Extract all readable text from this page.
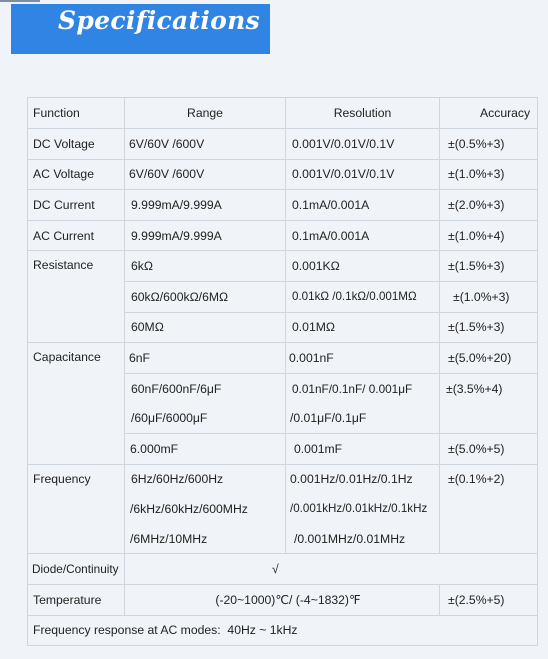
Specifications
Function	Range	Resolution	Accuracy
DC Voltage	6V/60V /600V	0.001V/0.01V/0.1V	±(0.5%+3)
AC Voltage	6V/60V /600V	0.001V/0.01V/0.1V	±(1.0%+3)
DC Current	9.999mA/9.999A	0.1mA/0.001A	±(2.0%+3)
AC Current	9.999mA/9.999A	0.1mA/0.001A	±(1.0%+4)
Resistance	6kΩ	0.001KΩ	±(1.5%+3)
	60kΩ/600kΩ/6MΩ	0.01kΩ /0.1kΩ/0.001MΩ	±(1.0%+3)
	60MΩ	0.01MΩ	±(1.5%+3)
Capacitance	6nF	0.001nF	±(5.0%+20)
	60nF/600nF/6μF	0.01nF/0.1nF/ 0.001μF	±(3.5%+4)
	/60μF/6000μF	/0.01μF/0.1μF	
	6.000mF	0.001mF	±(5.0%+5)
Frequency	6Hz/60Hz/600Hz	0.001Hz/0.01Hz/0.1Hz	±(0.1%+2)
	/6kHz/60kHz/600MHz	/0.001kHz/0.01kHz/0.1kHz	
	/6MHz/10MHz	/0.001MHz/0.01MHz	
Diode/Continuity	√		
Temperature	(-20~1000)℃/ (-4~1832)℉		±(2.5%+5)
Frequency response at AC modes:  40Hz ~ 1kHz			
